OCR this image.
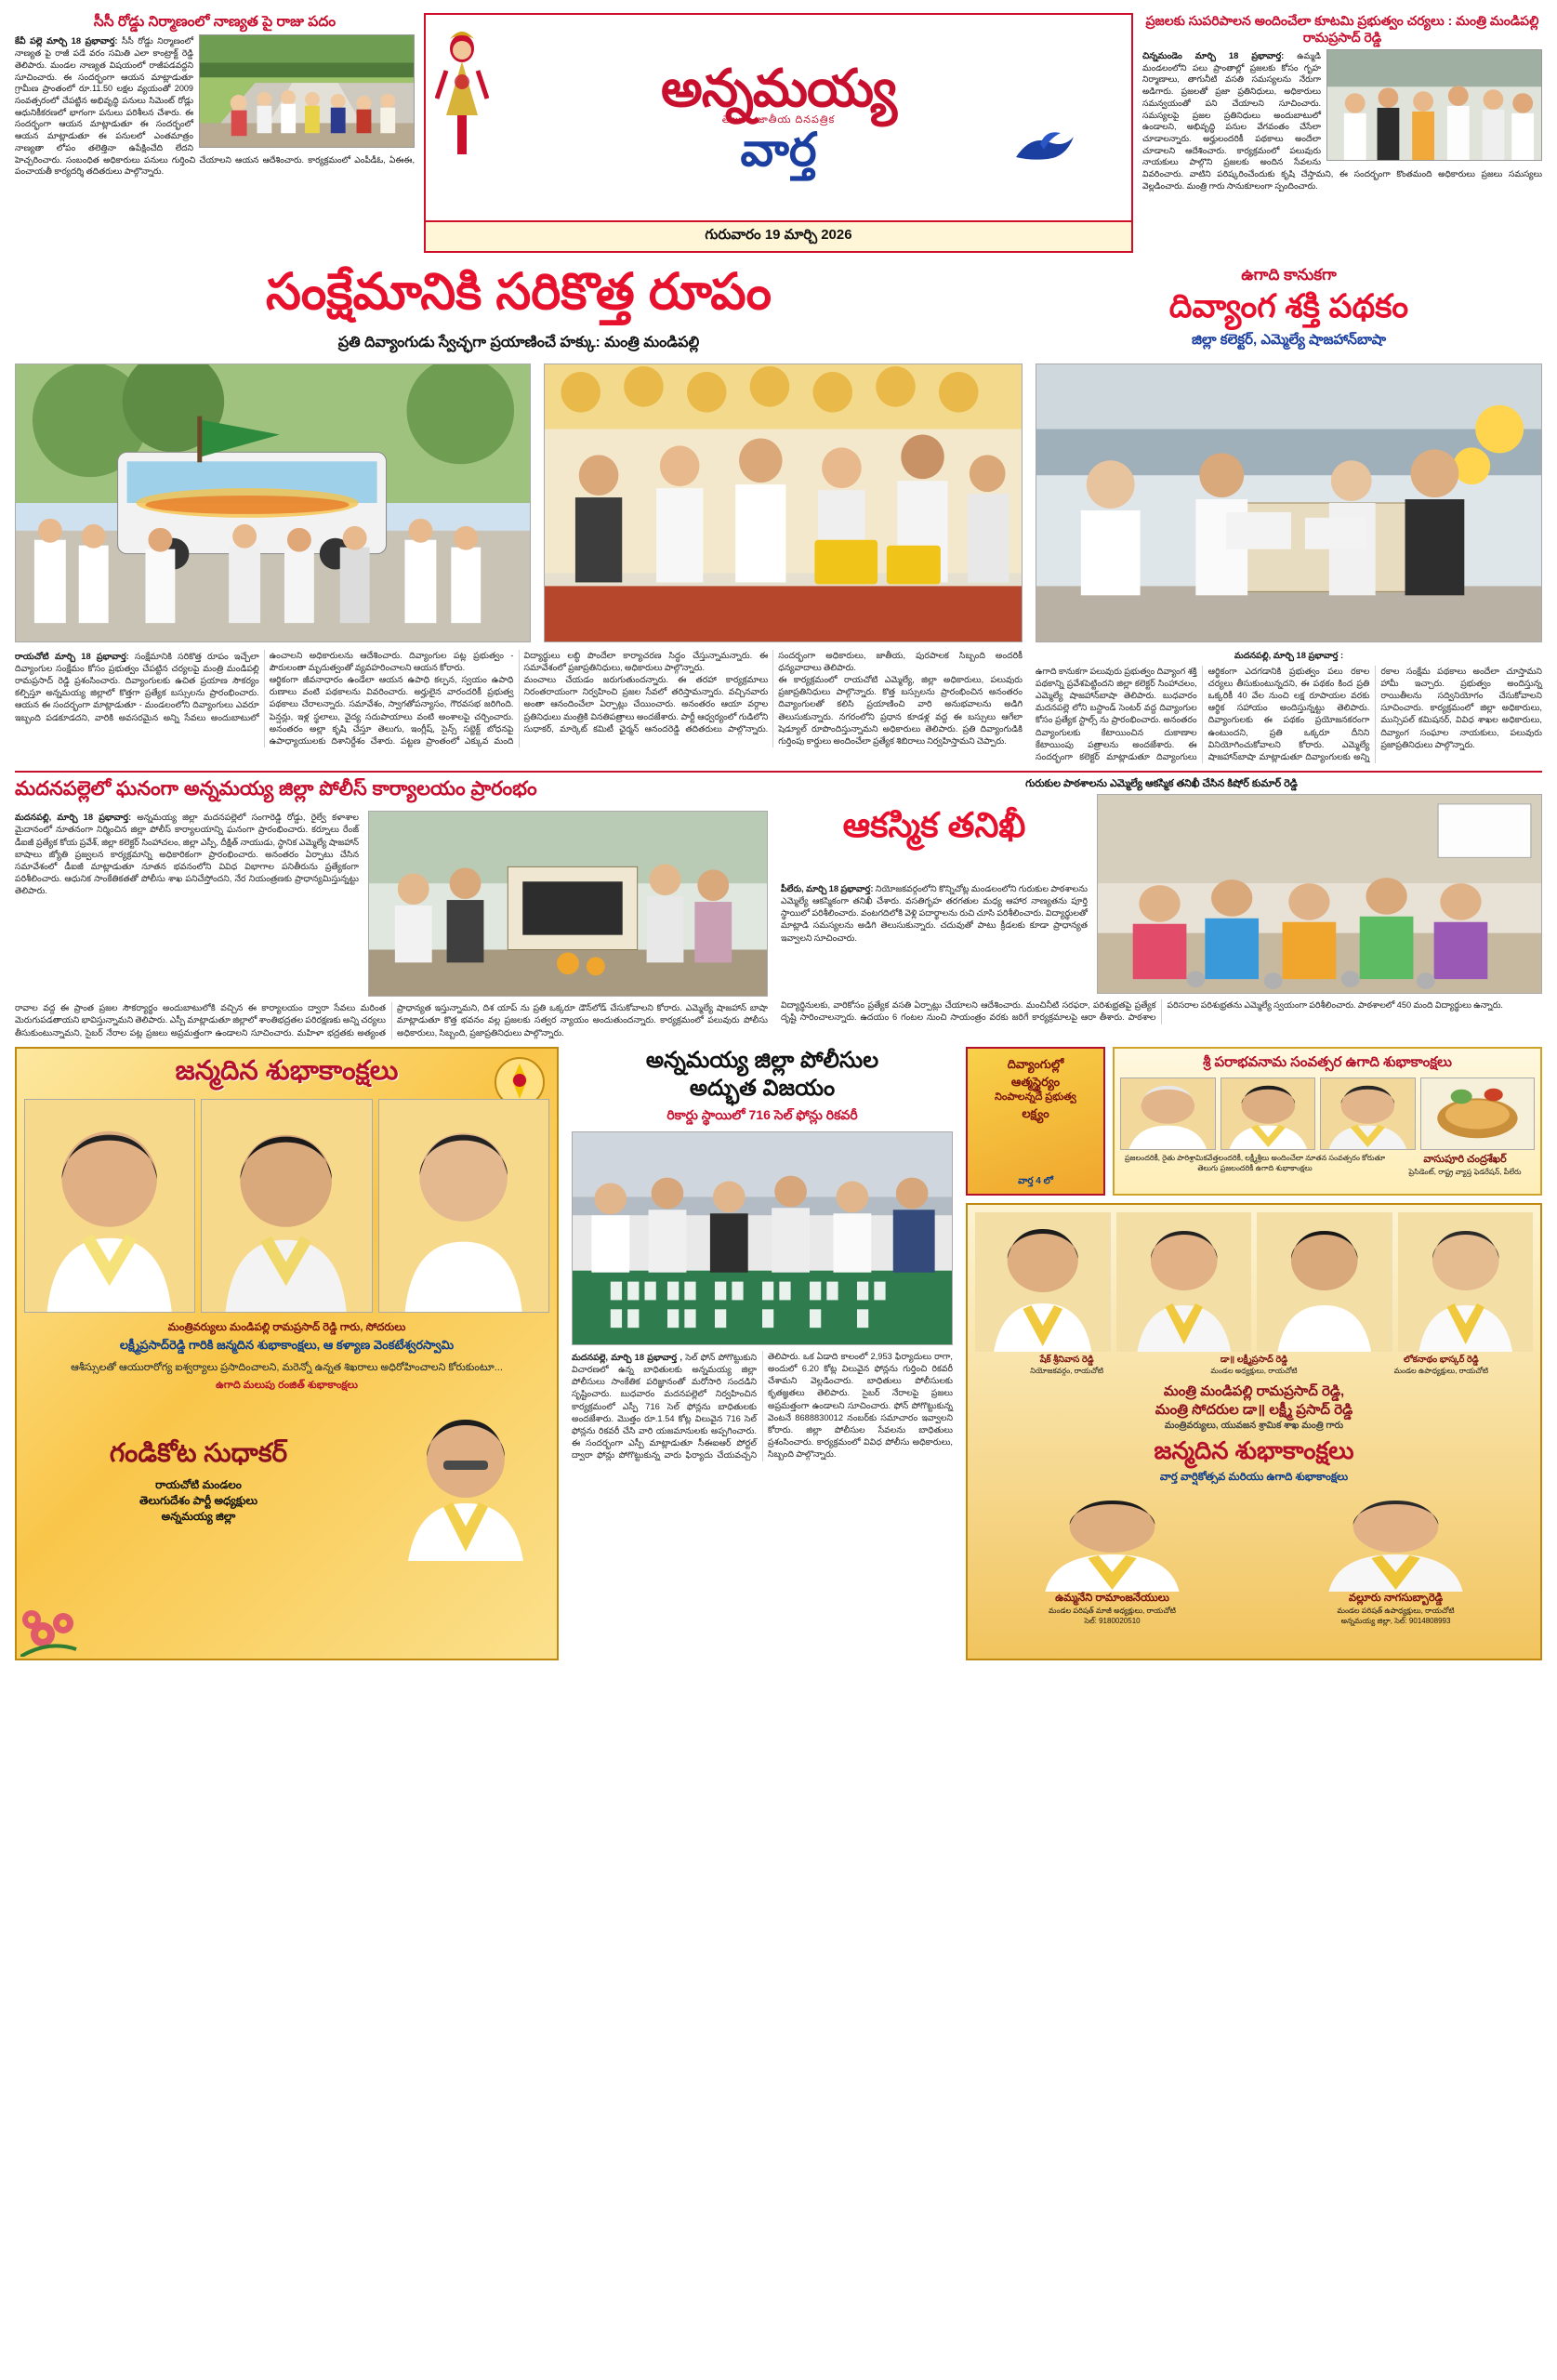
సీసీ రోడ్డు నిర్మాణంలో నాణ్యత పై రాజు పదం
కేవీ పల్లె మార్చి 18 ప్రభావార్త: సీసీ రోడ్డు నిర్మాణంలో నాణ్యత పై రాజీ పడే వరం సమితి ఎలా కాంట్రాక్ట్ రెడ్డి తెలిపారు. మండల నాణ్యత విషయంలో రాజీపడవద్దని సూచించారు. ఈ సందర్భంగా ఆయన మాట్లాడుతూ గ్రామీణ ప్రాంతంలో రూ.11.50 లక్షల వ్యయంతో 2009 సంవత్సరంలో చేపట్టిన అభివృద్ధి పనులు సిమెంట్ రోడ్లు ఆధునికీకరణలో భాగంగా పనులు పరిశీలన చేశారు. ఈ సందర్భంగా ఆయన మాట్లాడుతూ ఈ సందర్భంలో ఆయన మాట్లాడుతూ ఈ పనులలో ఎంతమాత్రం నాణ్యతా లోపం తలెత్తినా ఉపేక్షించేది లేదని హెచ్చరించారు. సంబంధిత అధికారులు పనులు గుర్తించి చేయాలని ఆయన ఆదేశించారు. కార్యక్రమంలో ఎంపీడీఓ, ఏఈఈ, పంచాయతీ కార్యదర్శి తదితరులు పాల్గొన్నారు.
అన్నమయ్య
తెలుగు జాతీయ దినపత్రిక
వార్త
గురువారం 19 మార్చి 2026
ప్రజలకు సుపరిపాలన అందించేలా కూటమి ప్రభుత్వం చర్యలు : మంత్రి మండిపల్లి రామప్రసాద్ రెడ్డి
చిన్నమండెం మార్చి 18 ప్రభావార్త: ఉమ్మడి మండలంలోని పలు ప్రాంతాల్లో ప్రజలకు కోసం గృహ నిర్మాణాలు, తాగునీటి వసతి సమస్యలను నేరుగా అడిగారు. ప్రజలతో ప్రజా ప్రతినిధులు, అధికారులు సమన్వయంతో పని చేయాలని సూచించారు. సమస్యలపై ప్రజల ప్రతినిధులు అందుబాటులో ఉండాలని, అభివృద్ధి పనుల వేగవంతం చేసేలా చూడాలన్నారు. అర్హులందరికీ పథకాలు అందేలా చూడాలని ఆదేశించారు. కార్యక్రమంలో పలువురు నాయకులు పాల్గొని ప్రజలకు అందిన సేవలను వివరించారు. వాటిని పరిష్కరించేందుకు కృషి చేస్తామని, ఈ సందర్భంగా కొంతమంది అధికారులు ప్రజలు సమస్యలు వెల్లడించారు. మంత్రి గారు సానుకూలంగా స్పందించారు.
సంక్షేమానికి సరికొత్త రూపం
ప్రతి దివ్యాంగుడు స్వేచ్ఛగా ప్రయాణించే హక్కు: మంత్రి మండిపల్లి
ఉగాది కానుకగా
దివ్యాంగ శక్తి పథకం
జిల్లా కలెక్టర్, ఎమ్మెల్యే షాజహాన్‌బాషా
రాయచోటి మార్చి 18 ప్రభావార్త: సంక్షేమానికి సరికొత్త రూపం ఇచ్చేలా దివ్యాంగుల సంక్షేమం కోసం ప్రభుత్వం చేపట్టిన చర్యలపై మంత్రి మండిపల్లి రామప్రసాద్ రెడ్డి ప్రశంసించారు. దివ్యాంగులకు ఉచిత ప్రయాణ సౌకర్యం కల్పిస్తూ అన్నమయ్య జిల్లాలో కొత్తగా ప్రత్యేక బస్సులను ప్రారంభించారు. ఆయన ఈ సందర్భంగా మాట్లాడుతూ - మండలంలోని దివ్యాంగులు ఎవరూ ఇబ్బంది పడకూడదని, వారికి అవసరమైన అన్ని సేవలు అందుబాటులో ఉంచాలని అధికారులను ఆదేశించారు. దివ్యాంగుల పట్ల ప్రభుత్వం - పౌరులంతా మృదుత్వంతో వ్యవహరించాలని ఆయన కోరారు.
ఆర్థికంగా జీవనాధారం ఉండేలా ఆయన ఉపాధి కల్పన, స్వయం ఉపాధి రుణాలు వంటి పథకాలను వివరించారు. అర్హులైన వారందరికీ ప్రభుత్వ పథకాలు చేరాలన్నారు. సమావేశం, స్వాగతోపన్యాసం, గౌరవసభ జరిగింది. పెన్షన్లు, ఇళ్ల స్థలాలు, వైద్య సదుపాయాలు వంటి అంశాలపై చర్చించారు. అనంతరం అల్లా కృషి చేస్తూ తెలుగు, ఇంగ్లీష్, సైన్స్ సబ్జెక్ట్ బోధనపై ఉపాధ్యాయులకు దిశానిర్దేశం చేశారు. పట్టణ ప్రాంతంలో ఎక్కువ మంది విద్యార్థులు లబ్ధి పొందేలా కార్యాచరణ సిద్ధం చేస్తున్నామన్నారు. ఈ సమావేశంలో ప్రజాప్రతినిధులు, అధికారులు పాల్గొన్నారు.
మంచాలు చేయడం జరుగుతుందన్నారు. ఈ తరహా కార్యక్రమాలు నిరంతరాయంగా నిర్వహించి ప్రజల సేవలో తరిస్తామన్నారు. వచ్చినవారు అంతా ఆనందించేలా ఏర్పాట్లు చేయించారు. అనంతరం ఆయా వర్గాల ప్రతినిధులు మంత్రికి వినతిపత్రాలు అందజేశారు. పార్టీ ఆధ్వర్యంలో గుడిలోని సుధాకర్, మార్కెట్ కమిటీ ఛైర్మన్ ఆనందరెడ్డి తదితరులు పాల్గొన్నారు. సందర్భంగా అధికారులు, జాతీయ, పురపాలక సిబ్బంది అందరికీ ధన్యవాదాలు తెలిపారు.
ఈ కార్యక్రమంలో రాయచోటి ఎమ్మెల్యే, జిల్లా అధికారులు, పలువురు ప్రజాప్రతినిధులు పాల్గొన్నారు. కొత్త బస్సులను ప్రారంభించిన అనంతరం దివ్యాంగులతో కలిసి ప్రయాణించి వారి అనుభవాలను అడిగి తెలుసుకున్నారు. నగరంలోని ప్రధాన కూడళ్ల వద్ద ఈ బస్సులు ఆగేలా షెడ్యూల్ రూపొందిస్తున్నామని అధికారులు తెలిపారు. ప్రతి దివ్యాంగుడికి గుర్తింపు కార్డులు అందించేలా ప్రత్యేక శిబిరాలు నిర్వహిస్తామని చెప్పారు.
మదనపల్లి, మార్చి 18 ప్రభావార్త :
ఉగాది కానుకగా పలువురు ప్రభుత్వం దివ్యాంగ శక్తి పథకాన్ని ప్రవేశపెట్టిందని జిల్లా కలెక్టర్ సింహాచలం, ఎమ్మెల్యే షాజహాన్‌బాషా తెలిపారు. బుధవారం మదనపల్లె లోని బస్టాండ్ సెంటర్ వద్ద దివ్యాంగుల కోసం ప్రత్యేక స్టాల్స్ ను ప్రారంభించారు. అనంతరం దివ్యాంగులకు కేటాయించిన దుకాణాల కేటాయింపు పత్రాలను అందజేశారు. ఈ సందర్భంగా కలెక్టర్ మాట్లాడుతూ దివ్యాంగులు ఆర్థికంగా ఎదగడానికి ప్రభుత్వం పలు రకాల చర్యలు తీసుకుంటున్నదని, ఈ పథకం కింద ప్రతి ఒక్కరికీ 40 వేల నుంచి లక్ష రూపాయల వరకు ఆర్థిక సహాయం అందిస్తున్నట్టు తెలిపారు. దివ్యాంగులకు ఈ పథకం ప్రయోజనకరంగా ఉంటుందని, ప్రతి ఒక్కరూ దీనిని వినియోగించుకోవాలని కోరారు. ఎమ్మెల్యే షాజహాన్‌బాషా మాట్లాడుతూ దివ్యాంగులకు అన్ని రకాల సంక్షేమ పథకాలు అందేలా చూస్తామని హామీ ఇచ్చారు. ప్రభుత్వం అందిస్తున్న రాయితీలను సద్వినియోగం చేసుకోవాలని సూచించారు. కార్యక్రమంలో జిల్లా అధికారులు, మున్సిపల్ కమిషనర్, వివిధ శాఖల అధికారులు, దివ్యాంగ సంఘాల నాయకులు, పలువురు ప్రజాప్రతినిధులు పాల్గొన్నారు.
మదనపల్లెలో ఘనంగా అన్నమయ్య జిల్లా పోలీస్ కార్యాలయం ప్రారంభం
మదనపల్లి, మార్చి 18 ప్రభావార్త: అన్నమయ్య జిల్లా మదనపల్లెలో సంగారెడ్డి రోడ్డు, రైల్వే కళాశాల మైదానంలో నూతనంగా నిర్మించిన జిల్లా పోలీస్ కార్యాలయాన్ని ఘనంగా ప్రారంభించారు. కర్నూలు రేంజ్ డీఐజీ ప్రత్యేక కోయ ప్రవేశ్, జిల్లా కలెక్టర్ సింహాచలం, జిల్లా ఎస్పీ, దీక్షిత్ నాయుడు, స్థానిక ఎమ్మెల్యే షాజహాన్ బాషాలు జ్యోతి ప్రజ్వలన కార్యక్రమాన్ని అధికారికంగా ప్రారంభించారు. అనంతరం ఏర్పాటు చేసిన సమావేశంలో డీఐజీ మాట్లాడుతూ నూతన భవనంలోని వివిధ విభాగాల పనితీరును ప్రత్యేకంగా పరిశీలించారు. ఆధునిక సాంకేతికతతో పోలీసు శాఖ పనిచేస్తోందని, నేర నియంత్రణకు ప్రాధాన్యమిస్తున్నట్టు తెలిపారు.
రావాల వద్ద ఈ ప్రాంత ప్రజల సౌకర్యార్థం అందుబాటులోకి వచ్చిన ఈ కార్యాలయం ద్వారా సేవలు మరింత మెరుగుపడతాయని భావిస్తున్నామని తెలిపారు. ఎస్పీ మాట్లాడుతూ జిల్లాలో శాంతిభద్రతల పరిరక్షణకు అన్ని చర్యలు తీసుకుంటున్నామని, సైబర్ నేరాల పట్ల ప్రజలు అప్రమత్తంగా ఉండాలని సూచించారు. మహిళా భద్రతకు అత్యంత ప్రాధాన్యత ఇస్తున్నామని, దిశ యాప్ ను ప్రతి ఒక్కరూ డౌన్‌లోడ్ చేసుకోవాలని కోరారు. ఎమ్మెల్యే షాజహాన్ బాషా మాట్లాడుతూ కొత్త భవనం వల్ల ప్రజలకు సత్వర న్యాయం అందుతుందన్నారు. కార్యక్రమంలో పలువురు పోలీసు అధికారులు, సిబ్బంది, ప్రజాప్రతినిధులు పాల్గొన్నారు.
గురుకుల పాఠశాలను ఎమ్మెల్యే ఆకస్మిక తనిఖీ చేసిన కిషోర్ కుమార్ రెడ్డి
ఆకస్మిక తనిఖీ
పీలేరు, మార్చి 18 ప్రభావార్త: నియోజకవర్గంలోని కొన్నిచోట్ల మండలంలోని గురుకుల పాఠశాలను ఎమ్మెల్యే ఆకస్మికంగా తనిఖీ చేశారు. వసతిగృహ తరగతుల మధ్య ఆహార నాణ్యతను పూర్తి స్థాయిలో పరిశీలించారు. వంటగదిలోకి వెళ్లి పదార్థాలను రుచి చూసి పరిశీలించారు. విద్యార్థులతో మాట్లాడి సమస్యలను అడిగి తెలుసుకున్నారు. చదువుతో పాటు క్రీడలకు కూడా ప్రాధాన్యత ఇవ్వాలని సూచించారు.
విద్యార్థినులకు, వారికోసం ప్రత్యేక వసతి ఏర్పాట్లు చేయాలని ఆదేశించారు. మంచినీటి సరఫరా, పరిశుభ్రతపై ప్రత్యేక దృష్టి సారించాలన్నారు. ఉదయం 6 గంటల నుంచి సాయంత్రం వరకు జరిగే కార్యక్రమాలపై ఆరా తీశారు. పాఠశాల పరిసరాల పరిశుభ్రతను ఎమ్మెల్యే స్వయంగా పరిశీలించారు. పాఠశాలలో 450 మంది విద్యార్థులు ఉన్నారు.
జన్మదిన శుభాకాంక్షలు
మంత్రివర్యులు మండిపల్లి రామప్రసాద్ రెడ్డి గారు, సోదరులు
లక్ష్మీప్రసాద్‌రెడ్డి గారికి జన్మదిన శుభాకాంక్షలు, ఆ కళ్యాణ వెంకటేశ్వరస్వామి
ఆశీస్సులతో ఆయురారోగ్య ఐశ్వర్యాలు ప్రసాదించాలని, మరెన్నో ఉన్నత శిఖరాలు అధిరోహించాలని కోరుకుంటూ...
ఉగాది మలుపు రంజిత్ శుభాకాంక్షలు
గండికోట సుధాకర్
రాయచోటి మండలం
తెలుగుదేశం పార్టీ అధ్యక్షులు
అన్నమయ్య జిల్లా
అన్నమయ్య జిల్లా పోలీసుల
అద్భుత విజయం
రికార్డు స్థాయిలో 716 సెల్ ఫోన్లు రికవరీ
మదనపల్లె, మార్చి 18 ప్రభావార్త , సెల్ ఫోన్ పోగొట్టుకుని విచారణలో ఉన్న బాధితులకు అన్నమయ్య జిల్లా పోలీసులు సాంకేతిక పరిజ్ఞానంతో మరోసారి సందడిని సృష్టించారు. బుధవారం మదనపల్లెలో నిర్వహించిన కార్యక్రమంలో ఎస్పీ 716 సెల్ ఫోన్లను బాధితులకు అందజేశారు. మొత్తం రూ.1.54 కోట్ల విలువైన 716 సెల్ ఫోన్లను రికవరీ చేసి వారి యజమానులకు అప్పగించారు. ఈ సందర్భంగా ఎస్పీ మాట్లాడుతూ సీఈఐఆర్ పోర్టల్ ద్వారా ఫోన్లు పోగొట్టుకున్న వారు ఫిర్యాదు చేయవచ్చని తెలిపారు. ఒక ఏడాది కాలంలో 2,953 ఫిర్యాదులు రాగా, అందులో 6.20 కోట్ల విలువైన ఫోన్లను గుర్తించి రికవరీ చేశామని వెల్లడించారు. బాధితులు పోలీసులకు కృతజ్ఞతలు తెలిపారు. సైబర్ నేరాలపై ప్రజలు అప్రమత్తంగా ఉండాలని సూచించారు. ఫోన్ పోగొట్టుకున్న వెంటనే 8688830012 నంబర్‌కు సమాచారం ఇవ్వాలని కోరారు. జిల్లా పోలీసుల సేవలను బాధితులు ప్రశంసించారు. కార్యక్రమంలో వివిధ పోలీసు అధికారులు, సిబ్బంది పాల్గొన్నారు.
దివ్యాంగుల్లో
ఆత్మస్థైర్యం
నింపాలన్నదే ప్రభుత్వ
లక్ష్యం
వార్త 4 లో
శ్రీ పరాభవనామ సంవత్సర ఉగాది శుభాకాంక్షలు
ప్రజలందరికీ, రైతు పారిశ్రామికవేత్తలందరికీ, లక్ష్మీశ్రీలు అందించేలా నూతన సంవత్సరం కోరుతూ తెలుగు ప్రజలందరికీ ఉగాది శుభాకాంక్షలు
వాసుపూరి చంద్రశేఖర్
ప్రెసిడెంట్, రాష్ట్ర వ్యాప్త ఫెడరేషన్, పీలేరు
షేక్ శ్రీనివాస రెడ్డి
నియోజకవర్గం, రాయచోటి
డా॥ లక్ష్మీప్రసాద్ రెడ్డి
మండల అధ్యక్షులు, రాయచోటి
లోకనాథం భాస్కర్ రెడ్డి
మండల ఉపాధ్యక్షులు, రాయచోటి
మంత్రి మండిపల్లి రామప్రసాద్ రెడ్డి,
మంత్రి సోదరుల డా॥ లక్ష్మీ ప్రసాద్ రెడ్డి
మంత్రివర్యులు, యువజన శ్రామిక శాఖ మంత్రి గారు
జన్మదిన శుభాకాంక్షలు
వార్త వార్షికోత్సవ మరియు ఉగాది శుభాకాంక్షలు
ఉమ్మనేని రామాంజనేయులు
మండల పరిషత్ మాజీ అధ్యక్షులు, రాయచోటి
సెల్: 9180020510
వల్లూరు నాగసుబ్బారెడ్డి
మండల పరిషత్ ఉపాధ్యక్షులు, రాయచోటి
అన్నమయ్య జిల్లా, సెల్: 9014808993
